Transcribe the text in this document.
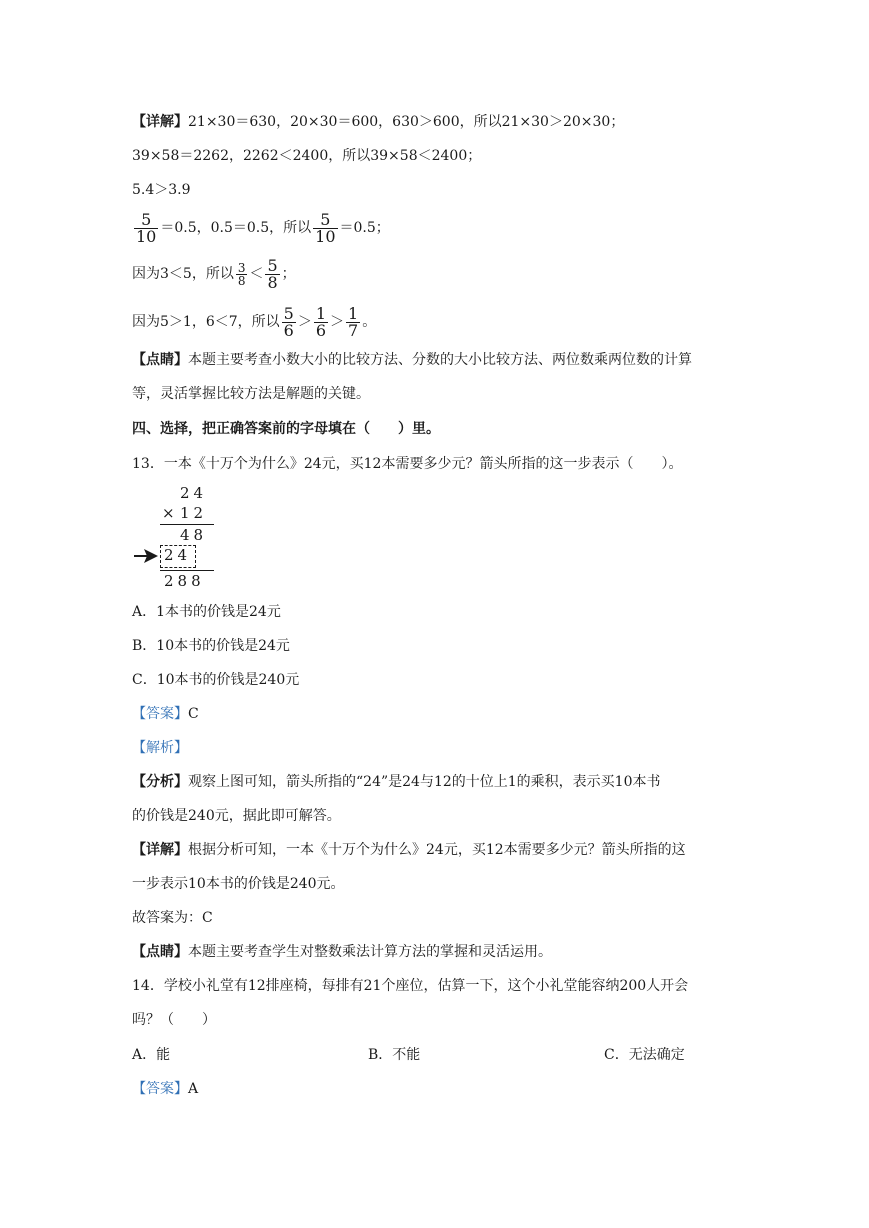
【详解】21×30＝630，20×30＝600，630＞600，所以21×30＞20×30；
39×58＝2262，2262＜2400，所以39×58＜2400；
5.4＞3.9
$\frac{5}{10} =0.5$，0.5＝0.5，所以 $\frac{5}{10} =0.5$；
因为3＜5，所以 $\frac{3}{8} < \frac{5}{8}$ ；
因为5＞1，6＜7，所以 $\frac{5}{6} > \frac{1}{6} > \frac{1}{7}$ 。
【点睛】本题主要考查小数大小的比较方法、分数的大小比较方法、两位数乘两位数的计算
等，灵活掌握比较方法是解题的关键。
四、选择，把正确答案前的字母填在（　　）里。
13．一本《十万个为什么》24元，买12本需要多少元？箭头所指的这一步表示（　　）。
24
× 12
48
24
288
A．1本书的价钱是24元
B．10本书的价钱是24元
C．10本书的价钱是240元
【答案】C
【解析】
【分析】观察上图可知，箭头所指的“24”是24与12的十位上1的乘积，表示买10本书
的价钱是240元，据此即可解答。
【详解】根据分析可知，一本《十万个为什么》24元，买12本需要多少元？箭头所指的这
一步表示10本书的价钱是240元。
故答案为：C
【点睛】本题主要考查学生对整数乘法计算方法的掌握和灵活运用。
14．学校小礼堂有12排座椅，每排有21个座位，估算一下，这个小礼堂能容纳200人开会
吗？（　　）
A．能	B．不能	C．无法确定
【答案】A
